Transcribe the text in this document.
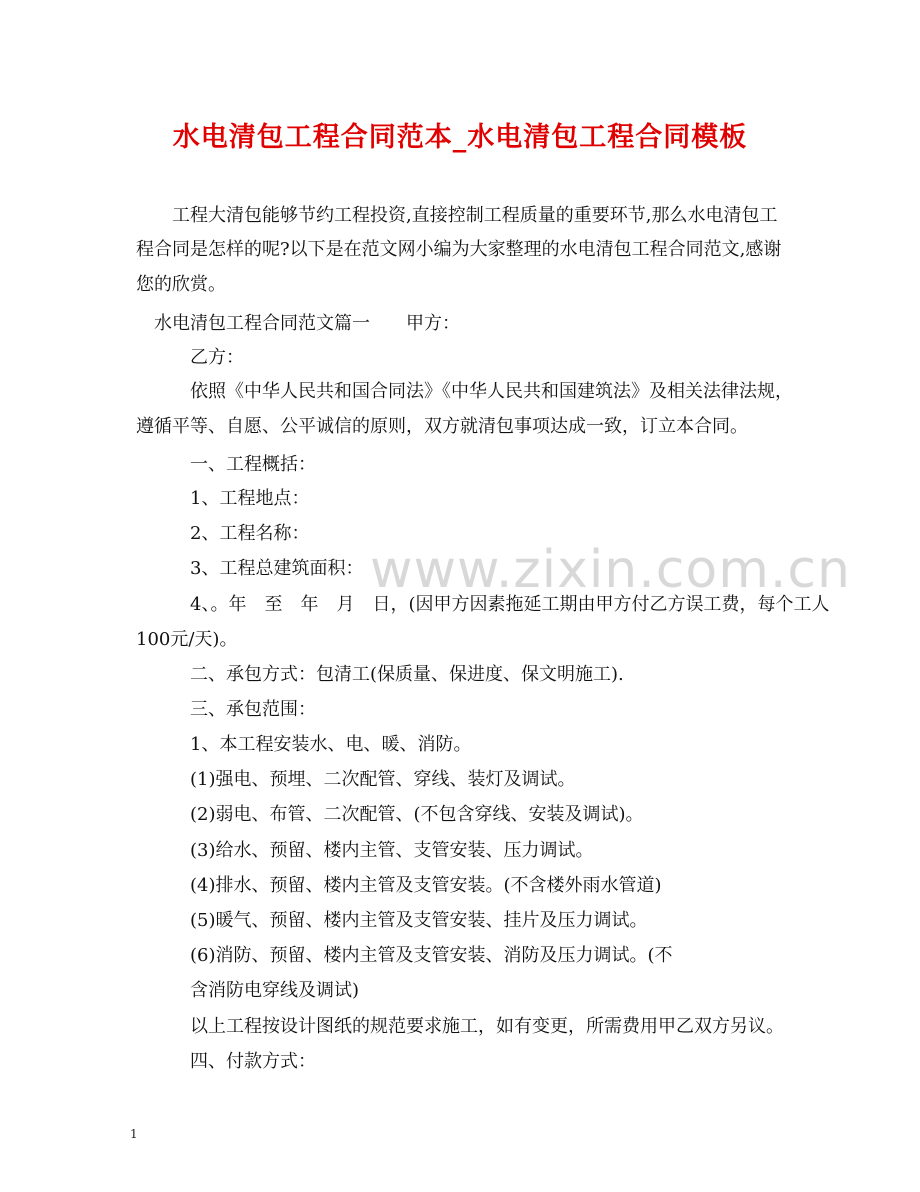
水电清包工程合同范本_水电清包工程合同模板
www.zixin.com.cn
工程大清包能够节约工程投资,直接控制工程质量的重要环节,那么水电清包工
程合同是怎样的呢?以下是在范文网小编为大家整理的水电清包工程合同范文,感谢
您的欣赏。
水电清包工程合同范文篇一　　甲方：
乙方：
依照《中华人民共和国合同法》《中华人民共和国建筑法》及相关法律法规，
遵循平等、自愿、公平诚信的原则，双方就清包事项达成一致，订立本合同。
一、工程概括：
1、工程地点：
2、工程名称：
3、工程总建筑面积：
4、。年　至　年　月　日，(因甲方因素拖延工期由甲方付乙方误工费，每个工人
100元/天)。
二、承包方式：包清工(保质量、保进度、保文明施工).
三、承包范围：
1、本工程安装水、电、暖、消防。
(1)强电、预埋、二次配管、穿线、装灯及调试。
(2)弱电、布管、二次配管、(不包含穿线、安装及调试)。
(3)给水、预留、楼内主管、支管安装、压力调试。
(4)排水、预留、楼内主管及支管安装。(不含楼外雨水管道)
(5)暖气、预留、楼内主管及支管安装、挂片及压力调试。
(6)消防、预留、楼内主管及支管安装、消防及压力调试。(不
含消防电穿线及调试)
以上工程按设计图纸的规范要求施工，如有变更，所需费用甲乙双方另议。
四、付款方式：
1
